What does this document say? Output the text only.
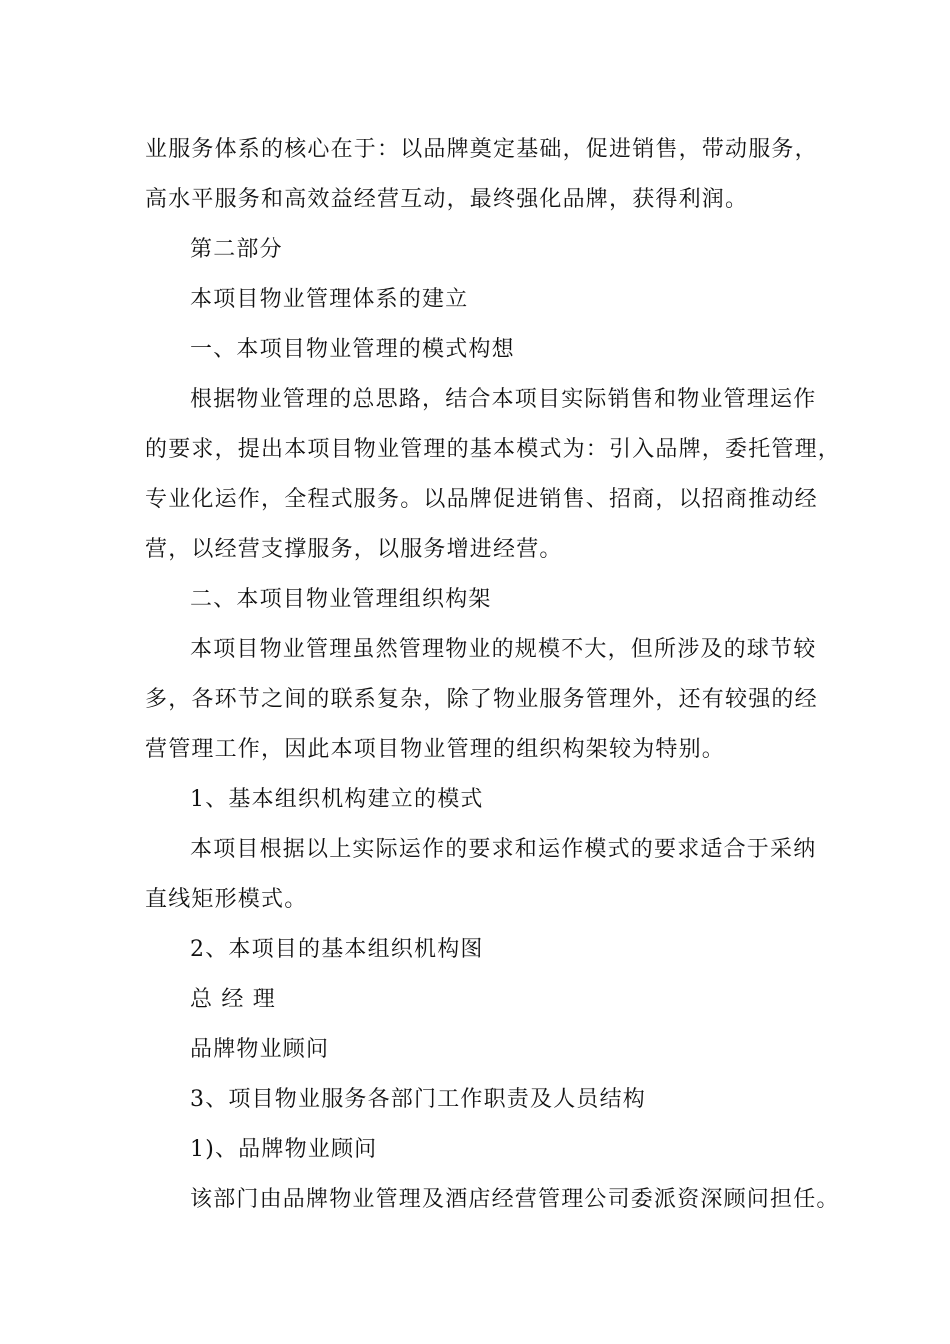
业服务体系的核心在于：以品牌奠定基础，促进销售，带动服务，

高水平服务和高效益经营互动，最终强化品牌，获得利润。

第二部分

本项目物业管理体系的建立

一、本项目物业管理的模式构想

根据物业管理的总思路，结合本项目实际销售和物业管理运作

的要求，提出本项目物业管理的基本模式为：引入品牌，委托管理，

专业化运作，全程式服务。以品牌促进销售、招商，以招商推动经

营，以经营支撑服务，以服务增进经营。

二、本项目物业管理组织构架

本项目物业管理虽然管理物业的规模不大，但所涉及的球节较

多，各环节之间的联系复杂，除了物业服务管理外，还有较强的经

营管理工作，因此本项目物业管理的组织构架较为特别。

1、基本组织机构建立的模式

本项目根据以上实际运作的要求和运作模式的要求适合于采纳

直线矩形模式。

2、本项目的基本组织机构图

总 经 理

品牌物业顾问

3、项目物业服务各部门工作职责及人员结构

1)、品牌物业顾问

该部门由品牌物业管理及酒店经营管理公司委派资深顾问担任。
